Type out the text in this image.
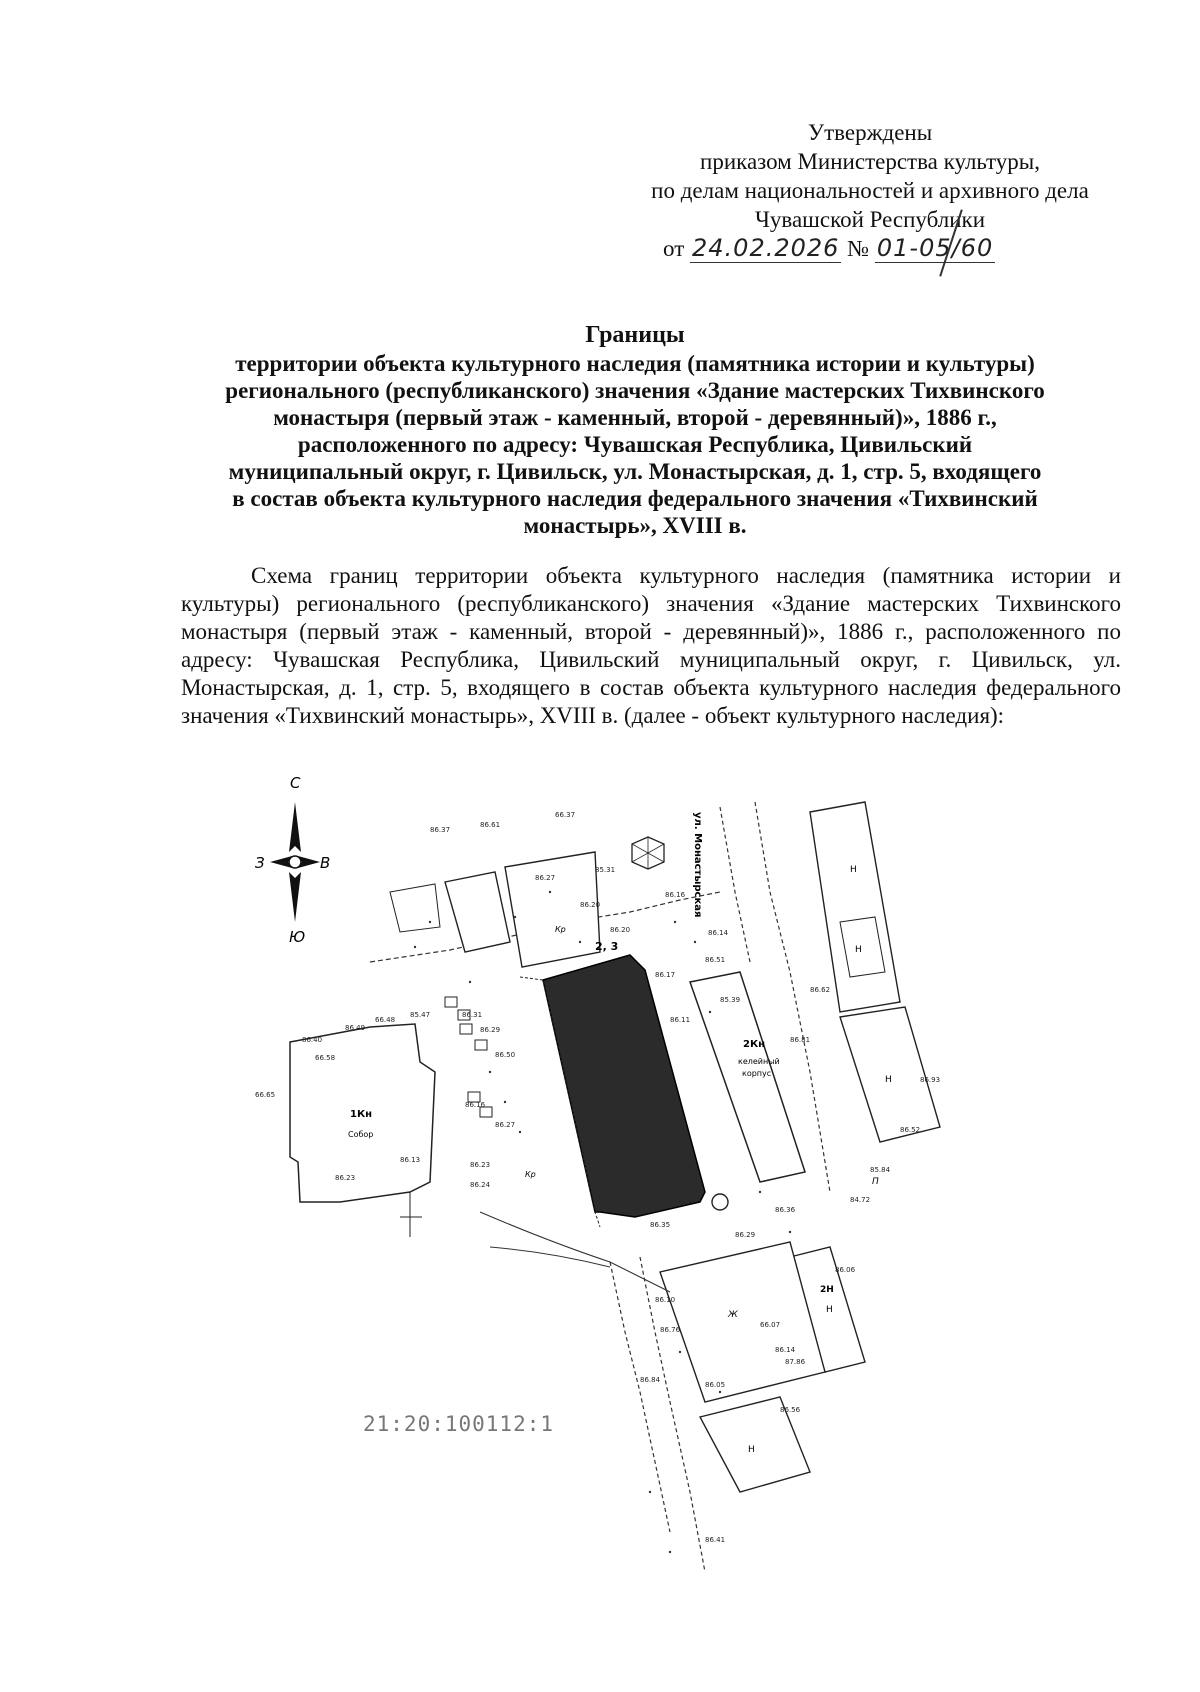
Утверждены
приказом Министерства культуры,
по делам национальностей и архивного дела
Чувашской Республики
от 24.02.2026 № 01-05/60
Границы
территории объекта культурного наследия (памятника истории и культуры)
регионального (республиканского) значения «Здание мастерских Тихвинского
монастыря (первый этаж - каменный, второй - деревянный)», 1886 г.,
расположенного по адресу: Чувашская Республика, Цивильский
муниципальный округ, г. Цивильск, ул. Монастырская, д. 1, стр. 5, входящего
в состав объекта культурного наследия федерального значения «Тихвинский
монастырь», XVIII в.
Схема границ территории объекта культурного наследия (памятника истории и культуры) регионального (республиканского) значения «Здание мастерских Тихвинского монастыря (первый этаж - каменный, второй - деревянный)», 1886 г., расположенного по адресу: Чувашская Республика, Цивильский муниципальный округ, г. Цивильск, ул. Монастырская, д. 1, стр. 5, входящего в состав объекта культурного наследия федерального значения «Тихвинский монастырь», XVIII в. (далее - объект культурного наследия):
С
Ю
З	В	ул. Монастырская
1Кн
Собор
Кр
2, 3
2Кн
келейный
корпус
Н
Н
Н
2Н
Ж
Н
П
Н
Кр
86.37
86.61
66.37
86.27
85.31
86.16
86.20
86.20	86.14
86.17
86.51
86.11
86.40
66.58
66.65
86.31
86.29
86.50
86.16
86.23
86.13
86.23
86.24
86.27
86.35
86.29
86.36
84.72
85.84
86.06
66.07
86.14
87.86
86.05
86.56
86.41
86.62
86.81
86.52
85.39
66.48
86.49
85.47
86.10
86.76
86.84
86.93
21:20:100112:1
